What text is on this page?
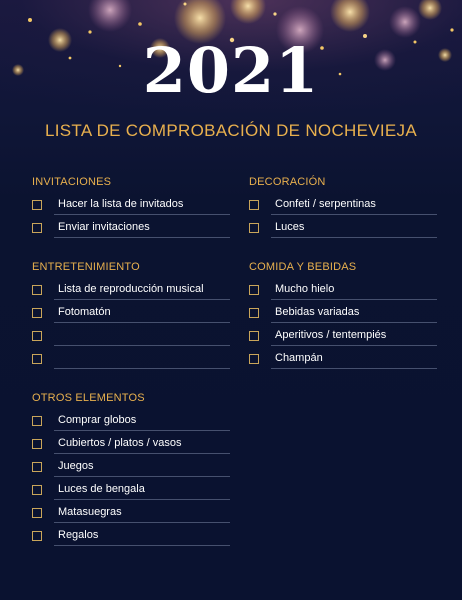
2021
LISTA DE COMPROBACIÓN DE NOCHEVIEJA
INVITACIONES
Hacer la lista de invitados
Enviar invitaciones
DECORACIÓN
Confeti / serpentinas
Luces
ENTRETENIMIENTO
Lista de reproducción musical
Fotomatón
COMIDA Y BEBIDAS
Mucho hielo
Bebidas variadas
Aperitivos / tentempiés
Champán
OTROS ELEMENTOS
Comprar globos
Cubiertos / platos / vasos
Juegos
Luces de bengala
Matasuegras
Regalos
